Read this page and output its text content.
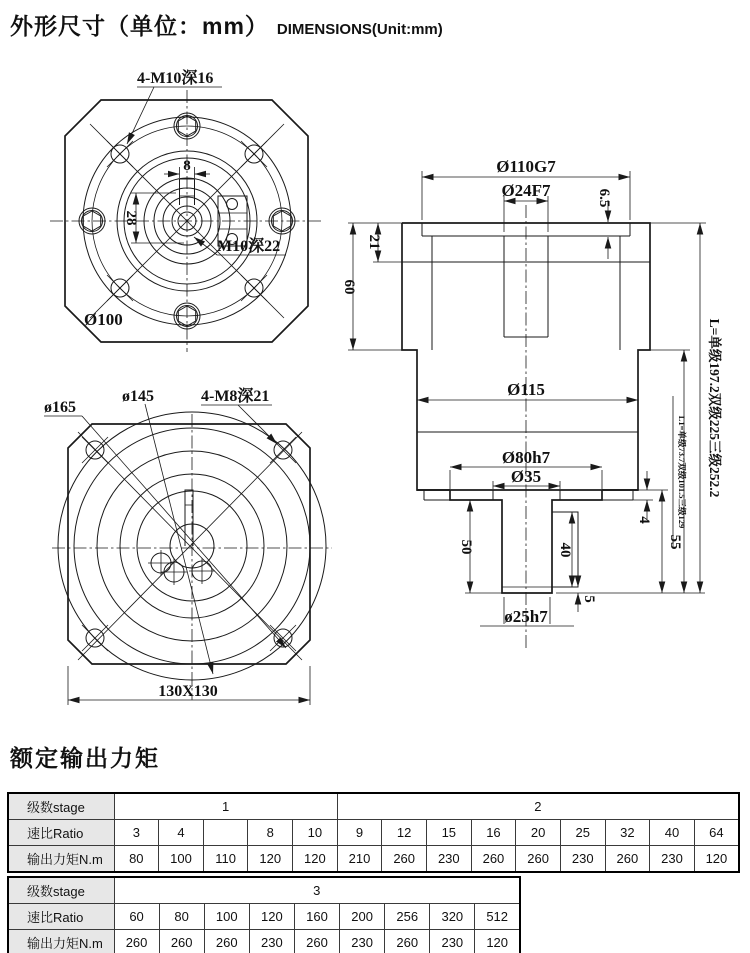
外形尺寸（单位：mm） DIMENSIONS(Unit:mm)
8
28
4-M10深16
M10深22
Ø100
Ø110G7
Ø24F7	6.5
21
60
Ø115
Ø80h7
Ø35
50	40
5
4
55
L1=单级73.7双级101.5三级129 L=单级197.2双级225三级252.2
ø25h7
ø165
ø145	4-M8深21
130X130
额定输出力矩
级数stage	1					2								
速比Ratio	3	4		8	10	9	12	15	16	20	25	32	40	64
输出力矩N.m	80	100	110	120	120	210	260	230	260	260	230	260	230	120
级数stage	3								
速比Ratio	60	80	100	120	160	200	256	320	512
输出力矩N.m	260	260	260	230	260	230	260	230	120
